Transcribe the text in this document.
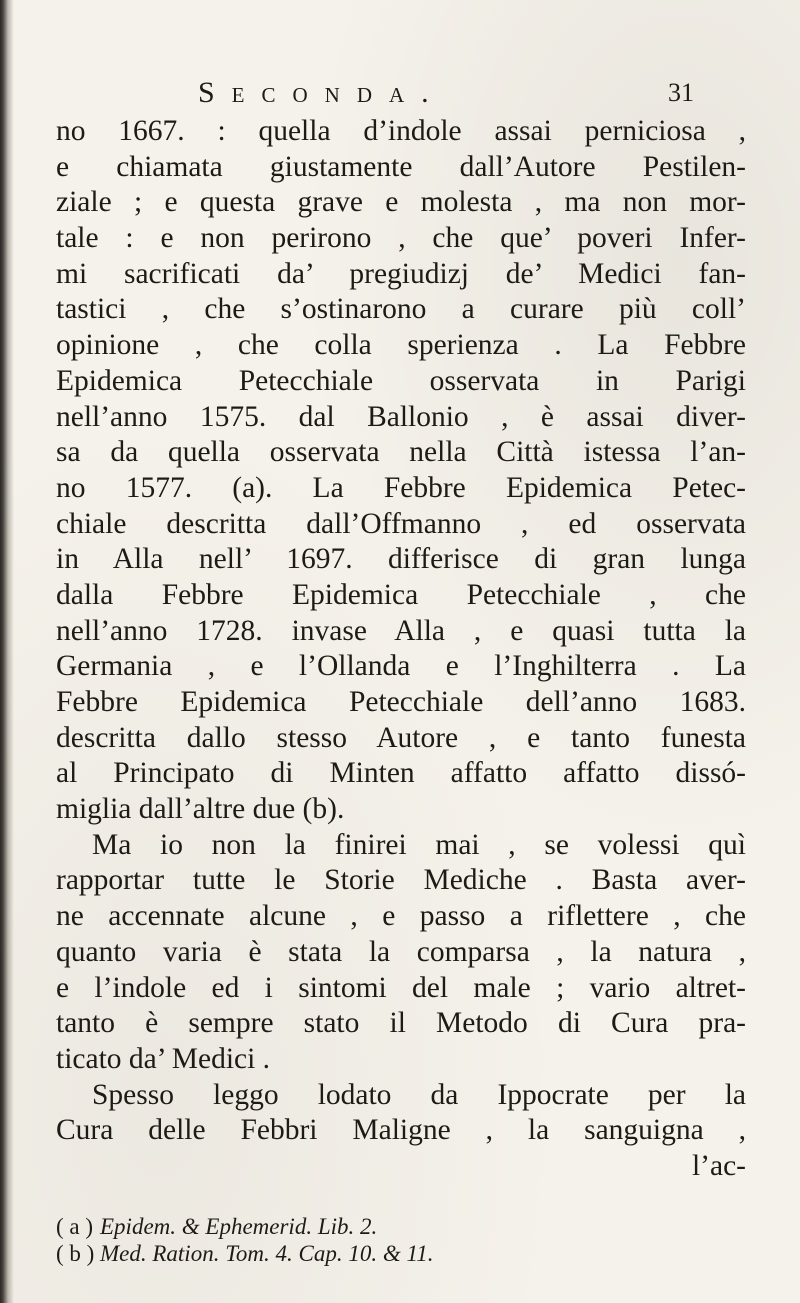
Seconda.	31
no 1667. : quella d’indole assai perniciosa ,
e chiamata giustamente dall’Autore Pestilen-
ziale ; e questa grave e molesta , ma non mor-
tale : e non perirono , che que’ poveri Infer-
mi sacrificati da’ pregiudizj de’ Medici fan-
tastici , che s’ostinarono a curare più coll’
opinione , che colla sperienza . La Febbre
Epidemica Petecchiale osservata in Parigi
nell’anno 1575. dal Ballonio , è assai diver-
sa da quella osservata nella Città istessa l’an-
no 1577. (a). La Febbre Epidemica Petec-
chiale descritta dall’Offmanno , ed osservata
in Alla nell’ 1697. differisce di gran lunga
dalla Febbre Epidemica Petecchiale , che
nell’anno 1728. invase Alla , e quasi tutta la
Germania , e l’Ollanda e l’Inghilterra . La
Febbre Epidemica Petecchiale dell’anno 1683.
descritta dallo stesso Autore , e tanto funesta
al Principato di Minten affatto affatto dissó-
miglia dall’altre due (b).
Ma io non la finirei mai , se volessi quì
rapportar tutte le Storie Mediche . Basta aver-
ne accennate alcune , e passo a riflettere , che
quanto varia è stata la comparsa , la natura ,
e l’indole ed i sintomi del male ; vario altret-
tanto è sempre stato il Metodo di Cura pra-
ticato da’ Medici .
Spesso leggo lodato da Ippocrate per la
Cura delle Febbri Maligne , la sanguigna ,
l’ac-
( a ) Epidem. & Ephemerid. Lib. 2.
( b ) Med. Ration. Tom. 4. Cap. 10. & 11.
